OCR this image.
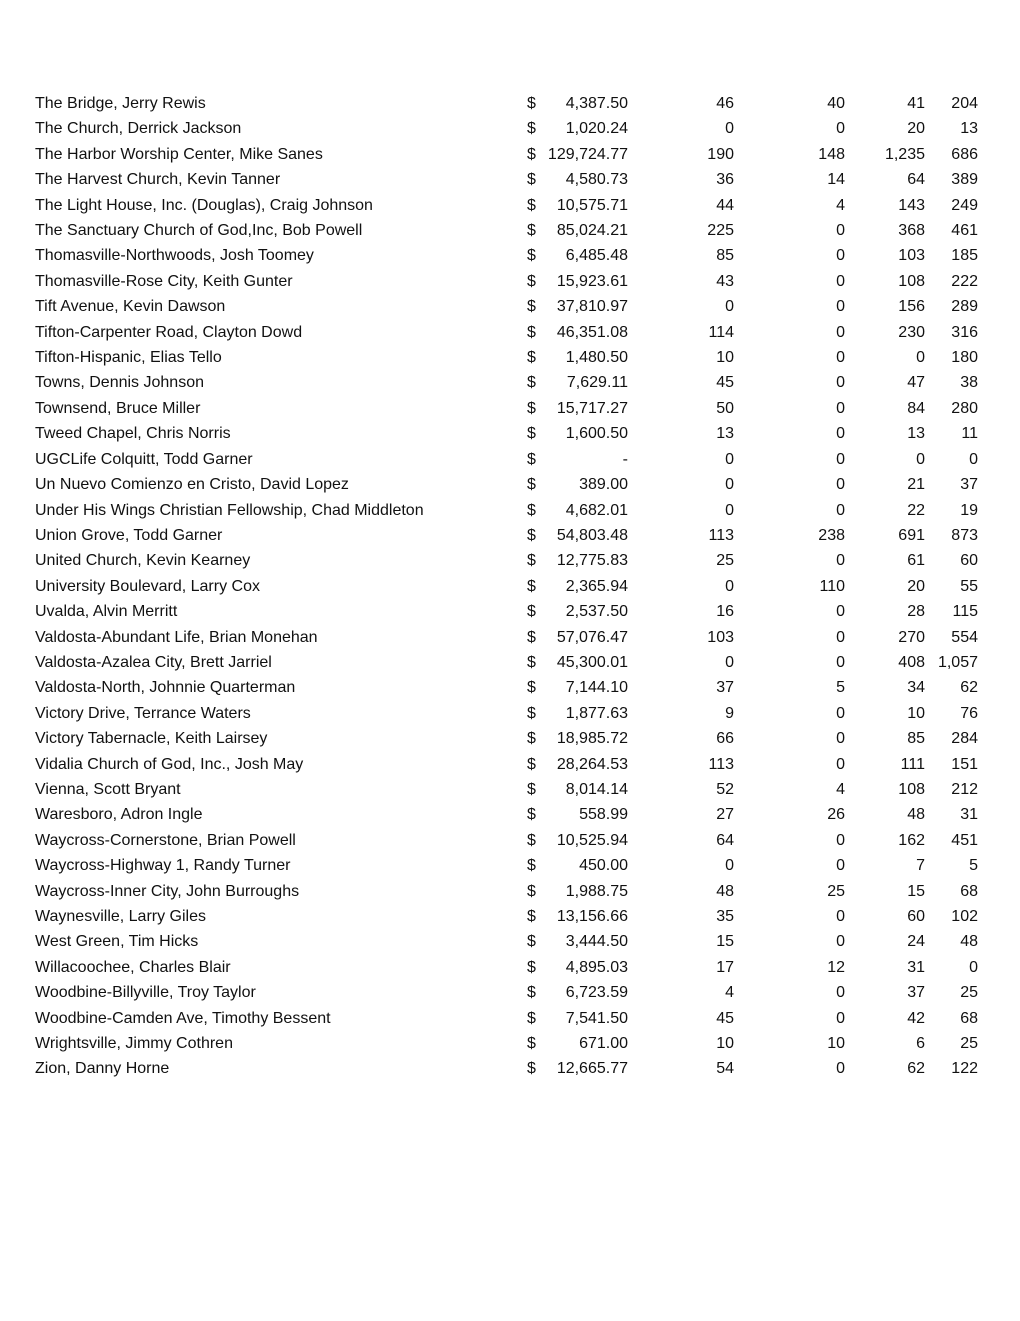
The Bridge, Jerry Rewis	$ 4,387.50	46	40	41 204
The Church, Derrick Jackson	$ 1,020.24	0	0	20 13
The Harbor Worship Center, Mike Sanes	$ 129,724.77	190	148 1,235 686
The Harvest Church, Kevin Tanner	$ 4,580.73	36	14	64 389
The Light House, Inc. (Douglas), Craig Johnson	$ 10,575.71	44	4	143 249
The Sanctuary Church of God,Inc, Bob Powell	$ 85,024.21	225	0	368 461
Thomasville-Northwoods, Josh Toomey	$ 6,485.48	85	0	103 185
Thomasville-Rose City, Keith Gunter	$ 15,923.61	43	0	108 222
Tift Avenue, Kevin Dawson	$ 37,810.97	0	0	156 289
Tifton-Carpenter Road, Clayton Dowd	$ 46,351.08	114	0	230 316
Tifton-Hispanic, Elias Tello	$ 1,480.50	10	0	0 180
Towns, Dennis Johnson	$ 7,629.11	45	0	47 38
Townsend, Bruce Miller	$ 15,717.27	50	0	84 280
Tweed Chapel, Chris Norris	$ 1,600.50	13	0	13 11
UGCLife Colquitt, Todd Garner	$	-	0	0	0	0
Un Nuevo Comienzo en Cristo, David Lopez	$	389.00	0	0	21 37
Under His Wings Christian Fellowship, Chad Middleton	$ 4,682.01	0	0	22 19
Union Grove, Todd Garner	$ 54,803.48	113	238	691 873
United Church, Kevin Kearney	$ 12,775.83	25	0	61 60
University Boulevard, Larry Cox	$ 2,365.94	0	110	20 55
Uvalda, Alvin Merritt	$ 2,537.50	16	0	28 115
Valdosta-Abundant Life, Brian Monehan	$ 57,076.47	103	0	270 554
Valdosta-Azalea City, Brett Jarriel	$ 45,300.01	0	0	408 1,057
Valdosta-North, Johnnie Quarterman	$ 7,144.10	37	5	34 62
Victory Drive, Terrance Waters	$ 1,877.63	9	0	10 76
Victory Tabernacle, Keith Lairsey	$ 18,985.72	66	0	85 284
Vidalia Church of God, Inc., Josh May	$ 28,264.53	113	0	111 151
Vienna, Scott Bryant	$ 8,014.14	52	4	108 212
Waresboro, Adron Ingle	$	558.99	27	26	48 31
Waycross-Cornerstone, Brian Powell	$ 10,525.94	64	0	162 451
Waycross-Highway 1, Randy Turner	$	450.00	0	0	7	5
Waycross-Inner City, John Burroughs	$ 1,988.75	48	25	15 68
Waynesville, Larry Giles	$ 13,156.66	35	0	60 102
West Green, Tim Hicks	$ 3,444.50	15	0	24 48
Willacoochee, Charles Blair	$ 4,895.03	17	12	31	0
Woodbine-Billyville, Troy Taylor	$ 6,723.59	4	0	37 25
Woodbine-Camden Ave, Timothy Bessent	$ 7,541.50	45	0	42 68
Wrightsville, Jimmy Cothren	$	671.00	10	10	6 25
Zion, Danny Horne	$ 12,665.77	54	0	62 122
